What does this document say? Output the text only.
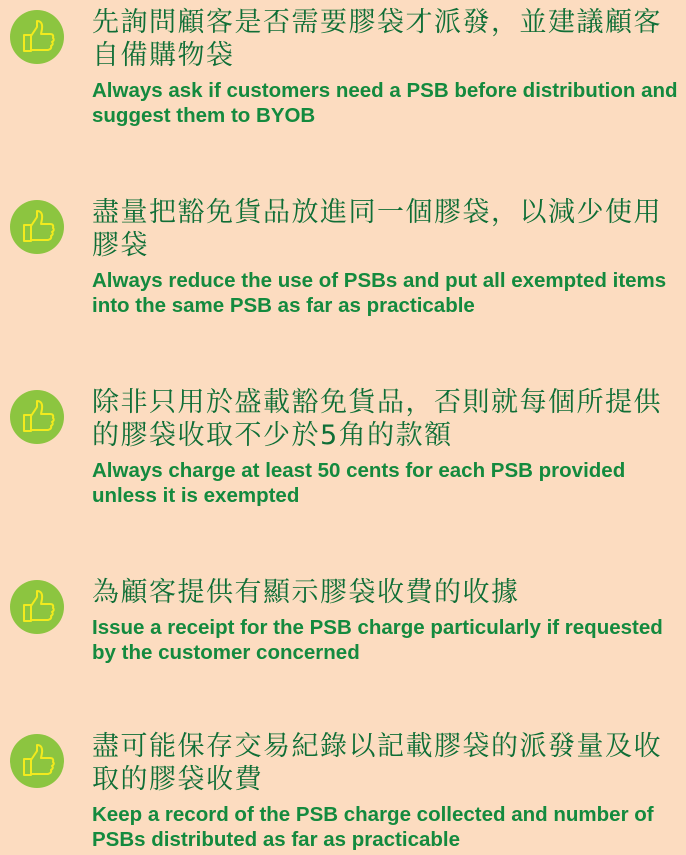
先詢問顧客是否需要膠袋才派發，並建議顧客自備購物袋

Always ask if customers need a PSB before distribution and suggest them to BYOB

盡量把豁免貨品放進同一個膠袋，以減少使用膠袋

Always reduce the use of PSBs and put all exempted items into the same PSB as far as practicable

除非只用於盛載豁免貨品，否則就每個所提供的膠袋收取不少於5角的款額

Always charge at least 50 cents for each PSB provided unless it is exempted

為顧客提供有顯示膠袋收費的收據

Issue a receipt for the PSB charge particularly if requested by the customer concerned

盡可能保存交易紀錄以記載膠袋的派發量及收取的膠袋收費

Keep a record of the PSB charge collected and number of PSBs distributed as far as practicable
